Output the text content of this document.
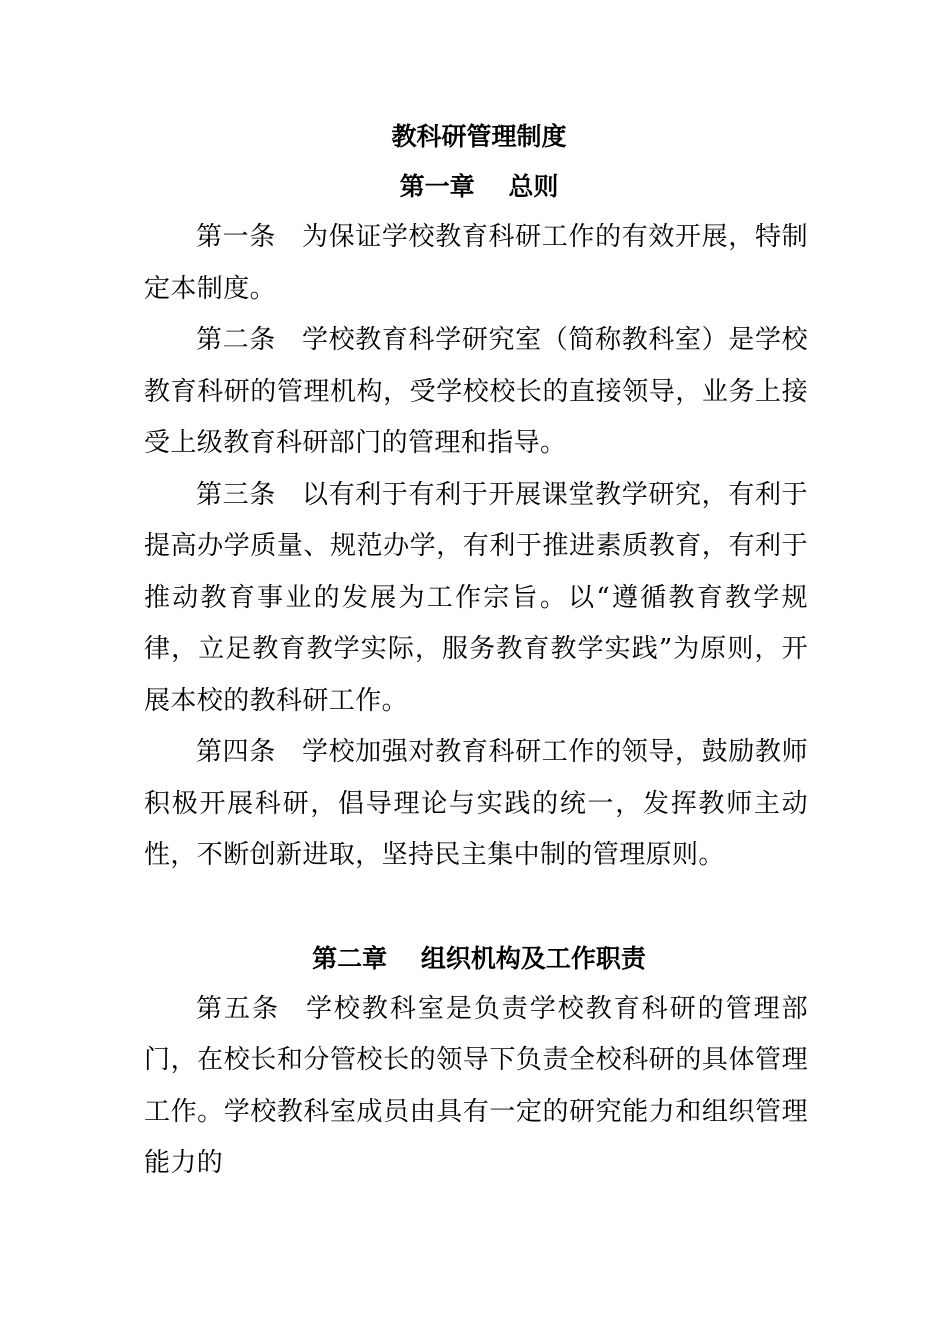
教科研管理制度
第一章　 总则

第一条 为保证学校教育科研工作的有效开展，特制定本制度。

第二条 学校教育科学研究室（简称教科室）是学校教育科研的管理机构，受学校校长的直接领导，业务上接受上级教育科研部门的管理和指导。

第三条 以有利于有利于开展课堂教学研究，有利于提高办学质量、规范办学，有利于推进素质教育，有利于推动教育事业的发展为工作宗旨。以“遵循教育教学规律，立足教育教学实际，服务教育教学实践”为原则，开展本校的教科研工作。

第四条 学校加强对教育科研工作的领导，鼓励教师积极开展科研，倡导理论与实践的统一，发挥教师主动性，不断创新进取，坚持民主集中制的管理原则。

第二章　 组织机构及工作职责

第五条 学校教科室是负责学校教育科研的管理部门，在校长和分管校长的领导下负责全校科研的具体管理工作。学校教科室成员由具有一定的研究能力和组织管理能力的
